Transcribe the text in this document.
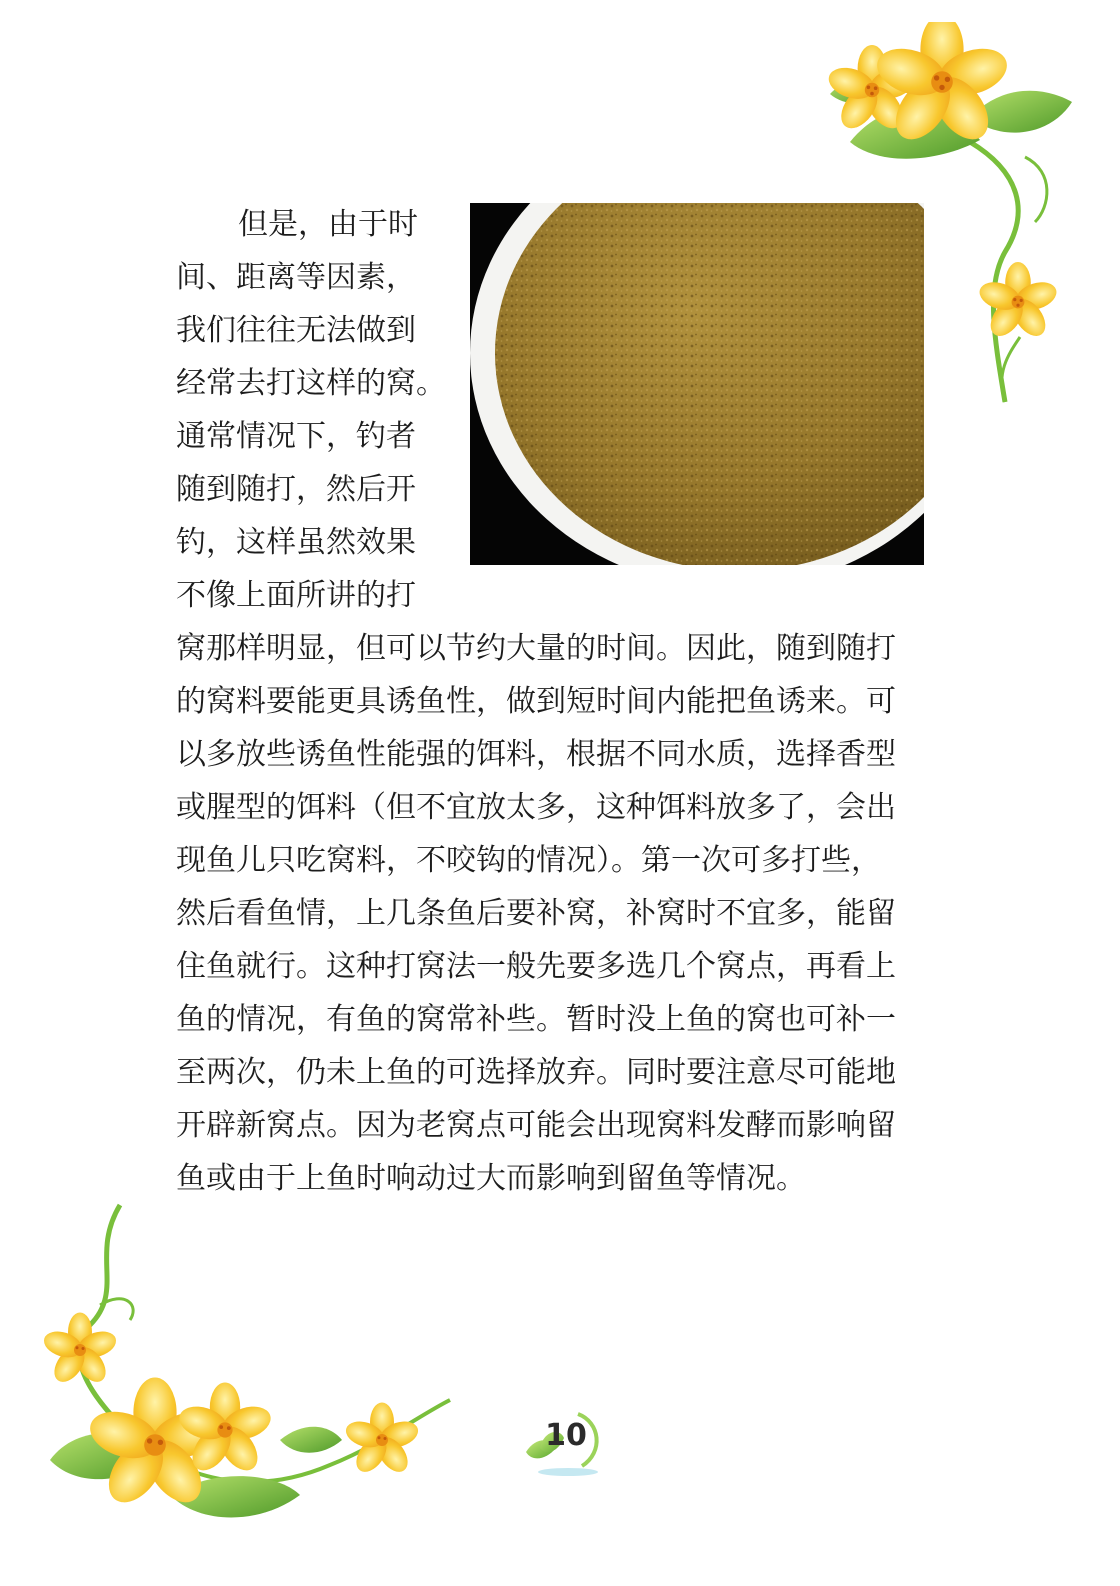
但是，由于时
间、距离等因素，
我们往往无法做到
经常去打这样的窝。
通常情况下，钓者
随到随打，然后开
钓，这样虽然效果
不像上面所讲的打
窝那样明显，但可以节约大量的时间。因此，随到随打
的窝料要能更具诱鱼性，做到短时间内能把鱼诱来。可
以多放些诱鱼性能强的饵料，根据不同水质，选择香型
或腥型的饵料（但不宜放太多，这种饵料放多了，会出
现鱼儿只吃窝料，不咬钩的情况）。第一次可多打些，
然后看鱼情，上几条鱼后要补窝，补窝时不宜多，能留
住鱼就行。这种打窝法一般先要多选几个窝点，再看上
鱼的情况，有鱼的窝常补些。暂时没上鱼的窝也可补一
至两次，仍未上鱼的可选择放弃。同时要注意尽可能地
开辟新窝点。因为老窝点可能会出现窝料发酵而影响留
鱼或由于上鱼时响动过大而影响到留鱼等情况。
10
